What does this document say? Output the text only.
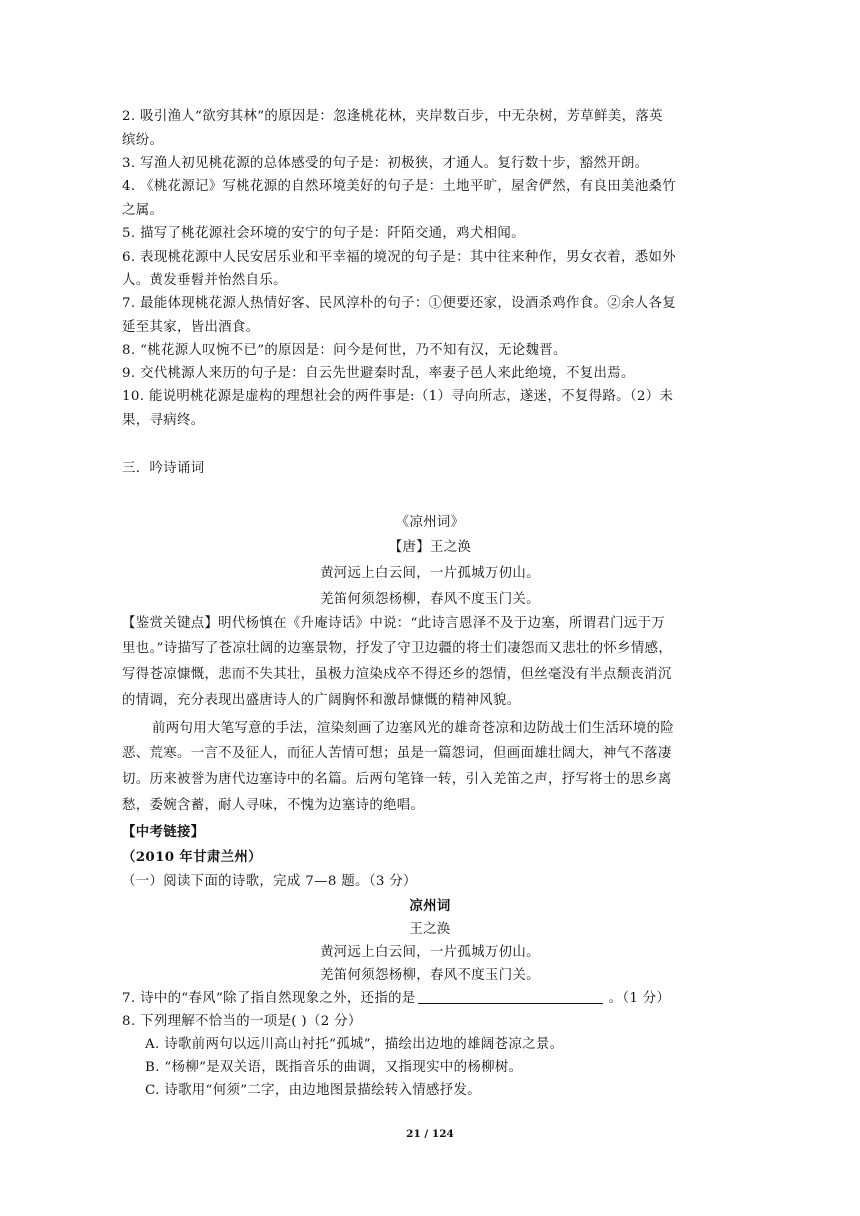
2. 吸引渔人“欲穷其林”的原因是：忽逢桃花林，夹岸数百步，中无杂树，芳草鲜美，落英
缤纷。
3. 写渔人初见桃花源的总体感受的句子是：初极狭，才通人。复行数十步，豁然开朗。
4. 《桃花源记》写桃花源的自然环境美好的句子是：土地平旷，屋舍俨然，有良田美池桑竹
之属。
5. 描写了桃花源社会环境的安宁的句子是：阡陌交通，鸡犬相闻。
6. 表现桃花源中人民安居乐业和平幸福的境况的句子是：其中往来种作，男女衣着，悉如外
人。黄发垂髫并怡然自乐。
7. 最能体现桃花源人热情好客、民风淳朴的句子：①便要还家，设酒杀鸡作食。②余人各复
延至其家，皆出酒食。
8. “桃花源人叹惋不已”的原因是：问今是何世，乃不知有汉，无论魏晋。
9. 交代桃源人来历的句子是：自云先世避秦时乱，率妻子邑人来此绝境，不复出焉。
10. 能说明桃花源是虚构的理想社会的两件事是:（1）寻向所志，遂迷，不复得路。（2）未
果，寻病终。
三．吟诗诵词
《凉州词》
【唐】王之涣
黄河远上白云间，一片孤城万仞山。
羌笛何须怨杨柳，春风不度玉门关。
【鉴赏关键点】明代杨慎在《升庵诗话》中说：“此诗言恩泽不及于边塞，所谓君门远于万
里也。”诗描写了苍凉壮阔的边塞景物，抒发了守卫边疆的将士们凄怨而又悲壮的怀乡情感，
写得苍凉慷慨，悲而不失其壮，虽极力渲染戍卒不得还乡的怨情，但丝毫没有半点颓丧消沉
的情调，充分表现出盛唐诗人的广阔胸怀和激昂慷慨的精神风貌。
前两句用大笔写意的手法，渲染刻画了边塞风光的雄奇苍凉和边防战士们生活环境的险
恶、荒寒。一言不及征人，而征人苦情可想；虽是一篇怨词，但画面雄壮阔大，神气不落凄
切。历来被誉为唐代边塞诗中的名篇。后两句笔锋一转，引入羌笛之声，抒写将士的思乡离
愁，委婉含蓄，耐人寻味，不愧为边塞诗的绝唱。
【中考链接】
（2010 年甘肃兰州）
（一）阅读下面的诗歌，完成 7—8 题。（3 分）
凉州词
王之涣
黄河远上白云间，一片孤城万仞山。
羌笛何须怨杨柳，春风不度玉门关。
7. 诗中的“春风”除了指自然现象之外，还指的是	。（1 分）
8. 下列理解不恰当的一项是( )（2 分）
A. 诗歌前两句以远川高山衬托“孤城”，描绘出边地的雄阔苍凉之景。
B. “杨柳”是双关语，既指音乐的曲调，又指现实中的杨柳树。
C. 诗歌用“何须”二字，由边地图景描绘转入情感抒发。
21 / 124
